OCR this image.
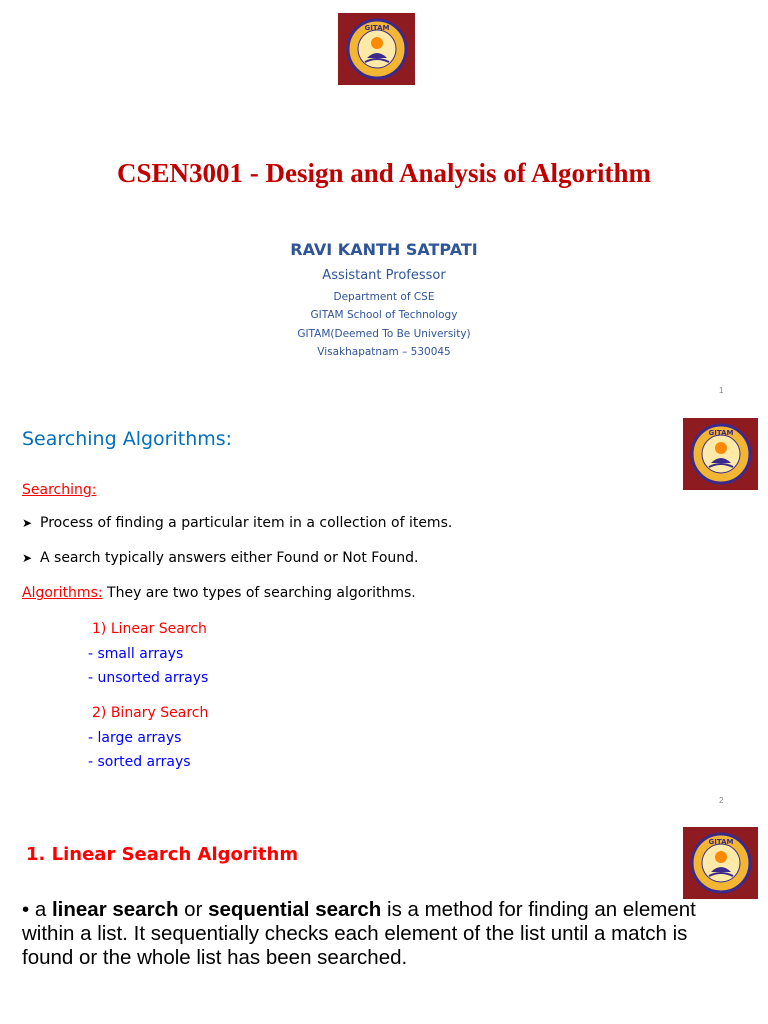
GITAM
CSEN3001 - Design and Analysis of Algorithm
RAVI KANTH SATPATI
Assistant Professor
Department of CSE
GITAM School of Technology
GITAM(Deemed To Be University)
Visakhapatnam – 530045
1
GITAM
Searching Algorithms:
Searching:
➤ Process of finding a particular item in a collection of items.
➤ A search typically answers either Found or Not Found.
Algorithms: They are two types of searching algorithms.
1) Linear Search
- small arrays
- unsorted arrays
2) Binary Search
- large arrays
- sorted arrays
2
GITAM
1. Linear Search Algorithm
• a linear search or sequential search is a method for finding an element within a list. It sequentially checks each element of the list until a match is found or the whole list has been searched.
